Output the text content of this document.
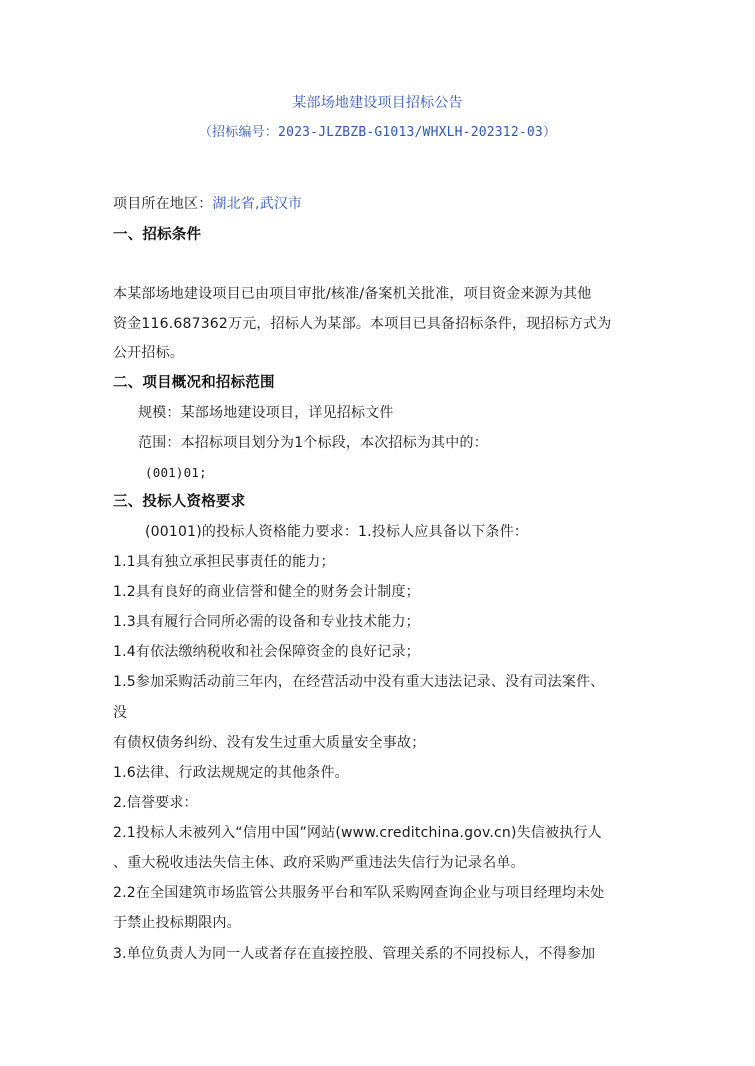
某部场地建设项目招标公告
（招标编号：2023-JLZBZB-G1013/WHXLH-202312-03）
项目所在地区：湖北省,武汉市
一、招标条件
本某部场地建设项目已由项目审批/核准/备案机关批准，项目资金来源为其他
资金116.687362万元，招标人为某部。本项目已具备招标条件，现招标方式为
公开招标。
二、项目概况和招标范围
规模：某部场地建设项目，详见招标文件
范围：本招标项目划分为1个标段，本次招标为其中的：
(001)01;
三、投标人资格要求
(00101)的投标人资格能力要求：1.投标人应具备以下条件：
1.1具有独立承担民事责任的能力；
1.2具有良好的商业信誉和健全的财务会计制度；
1.3具有履行合同所必需的设备和专业技术能力；
1.4有依法缴纳税收和社会保障资金的良好记录；
1.5参加采购活动前三年内，在经营活动中没有重大违法记录、没有司法案件、
没
有债权债务纠纷、没有发生过重大质量安全事故；
1.6法律、行政法规规定的其他条件。
2.信誉要求：
2.1投标人未被列入“信用中国”网站(www.creditchina.gov.cn)失信被执行人
、重大税收违法失信主体、政府采购严重违法失信行为记录名单。
2.2在全国建筑市场监管公共服务平台和军队采购网查询企业与项目经理均未处
于禁止投标期限内。
3.单位负责人为同一人或者存在直接控股、管理关系的不同投标人，不得参加
